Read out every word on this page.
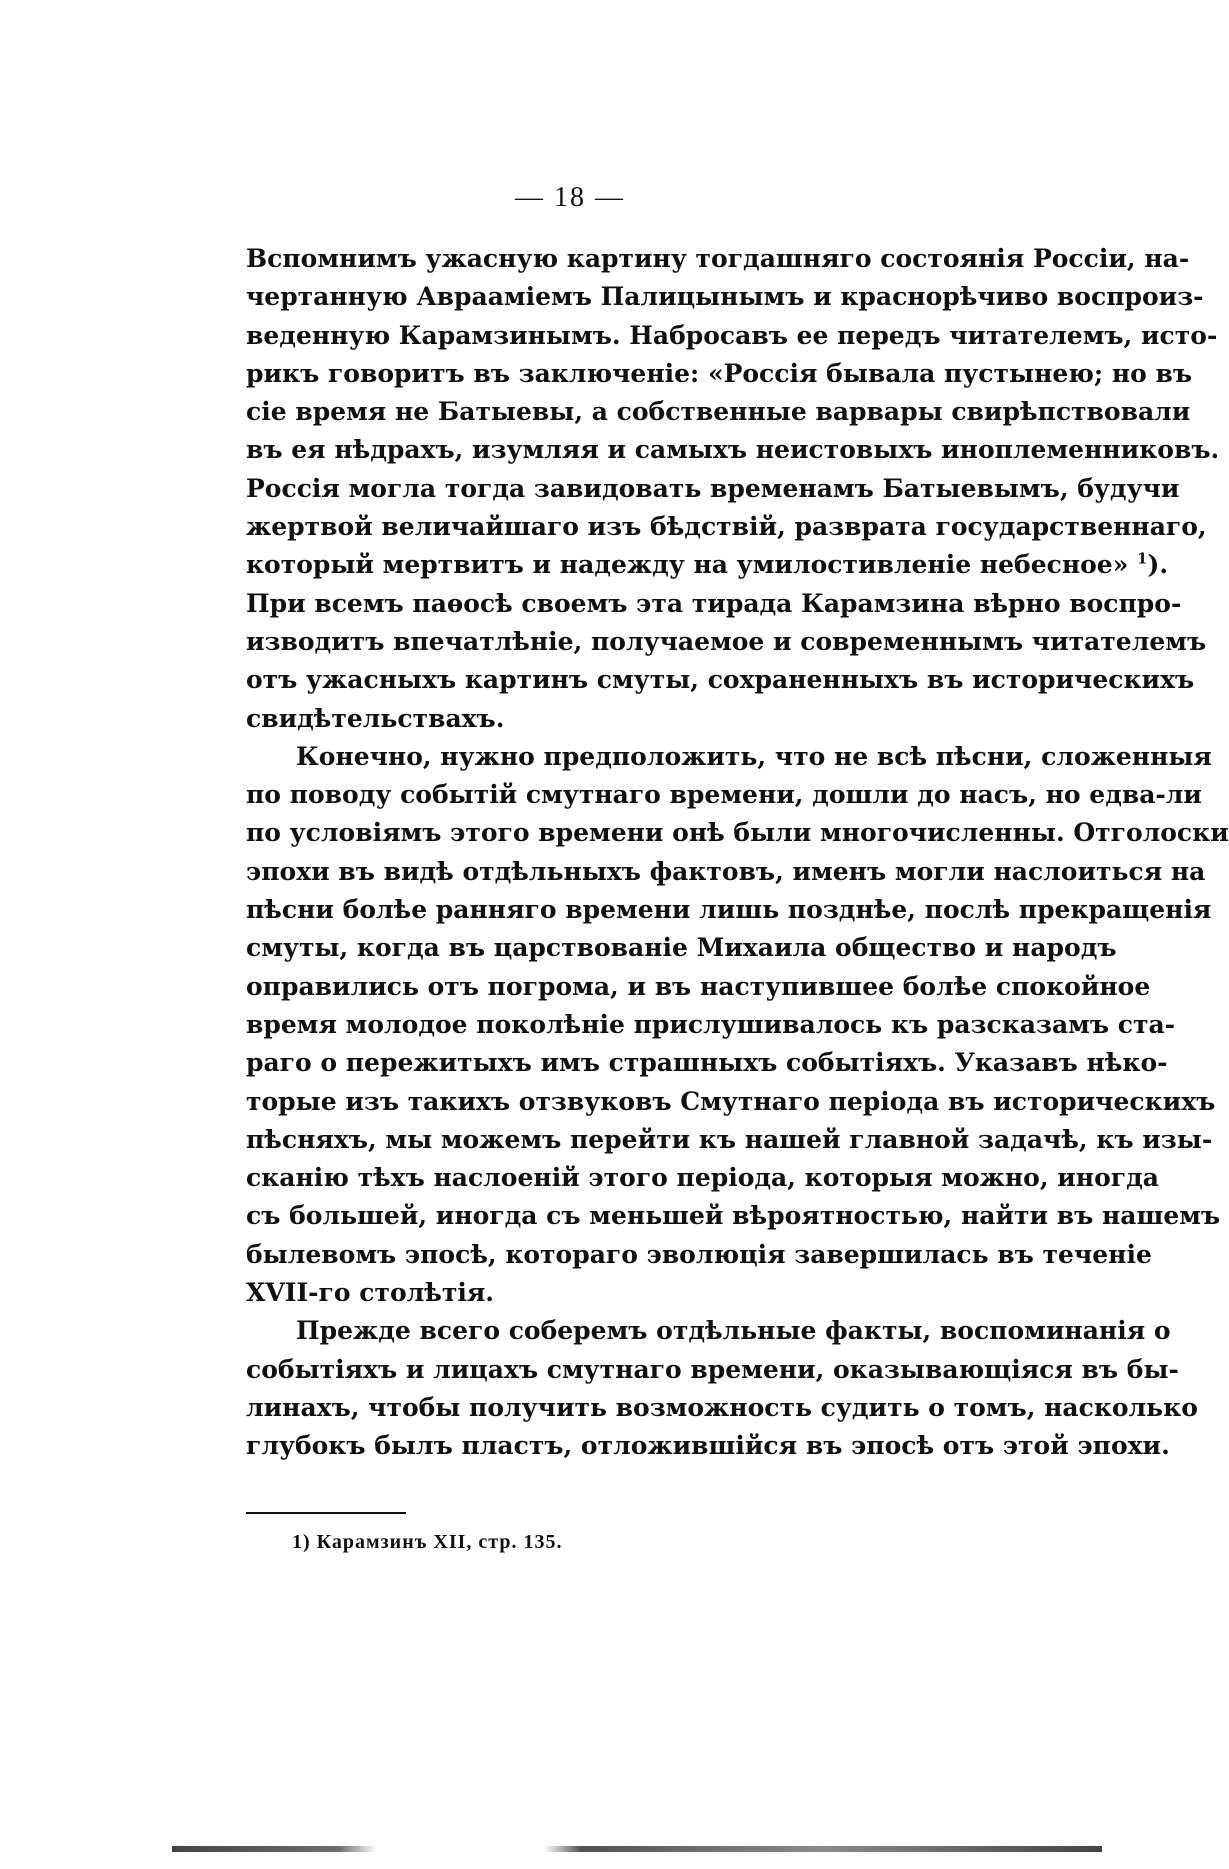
— 18 —
Вспомнимъ ужасную картину тогдашняго состоянія Россіи, на-
чертанную Авраамiемъ Палицынымъ и краснорѣчиво воспроиз-
веденную Карамзинымъ. Набросавъ ее передъ читателемъ, исто-
рикъ говоритъ въ заключеніе: «Россія бывала пустынею; но въ
сіе время не Батыевы, а собственные варвары свирѣпствовали
въ ея нѣдрахъ, изумляя и самыхъ неистовыхъ иноплеменниковъ.
Россія могла тогда завидовать временамъ Батыевымъ, будучи
жертвой величайшаго изъ бѣдствій, разврата государственнаго,
который мертвитъ и надежду на умилостивленіе небесное» $^1$).
При всемъ паѳосѣ своемъ эта тирада Карамзина вѣрно воспро-
изводитъ впечатлѣніе, получаемое и современнымъ читателемъ
отъ ужасныхъ картинъ смуты, сохраненныхъ въ историческихъ
свидѣтельствахъ.
Конечно, нужно предположить, что не всѣ пѣсни, сложенныя
по поводу событій смутнаго времени, дошли до насъ, но едва-ли
по условіямъ этого времени онѣ были многочисленны. Отголоски
эпохи въ видѣ отдѣльныхъ фактовъ, именъ могли наслоиться на
пѣсни болѣе ранняго времени лишь позднѣе, послѣ прекращенія
смуты, когда въ царствованіе Михаила общество и народъ
оправились отъ погрома, и въ наступившее болѣе спокойное
время молодое поколѣніе прислушивалось къ разсказамъ ста-
раго о пережитыхъ имъ страшныхъ событіяхъ. Указавъ нѣко-
торые изъ такихъ отзвуковъ Смутнаго періода въ историческихъ
пѣсняхъ, мы можемъ перейти къ нашей главной задачѣ, къ изы-
сканію тѣхъ наслоеній этого періода, которыя можно, иногда
съ большей, иногда съ меньшей вѣроятностью, найти въ нашемъ
былевомъ эпосѣ, котораго эволюція завершилась въ теченіе
XVII-го столѣтія.
Прежде всего соберемъ отдѣльные факты, воспоминанія о
событіяхъ и лицахъ смутнаго времени, оказывающіяся въ бы-
линахъ, чтобы получить возможность судить о томъ, насколько
глубокъ былъ пластъ, отложившійся въ эпосѣ отъ этой эпохи.
1) Карамзинъ XII, стр. 135.
